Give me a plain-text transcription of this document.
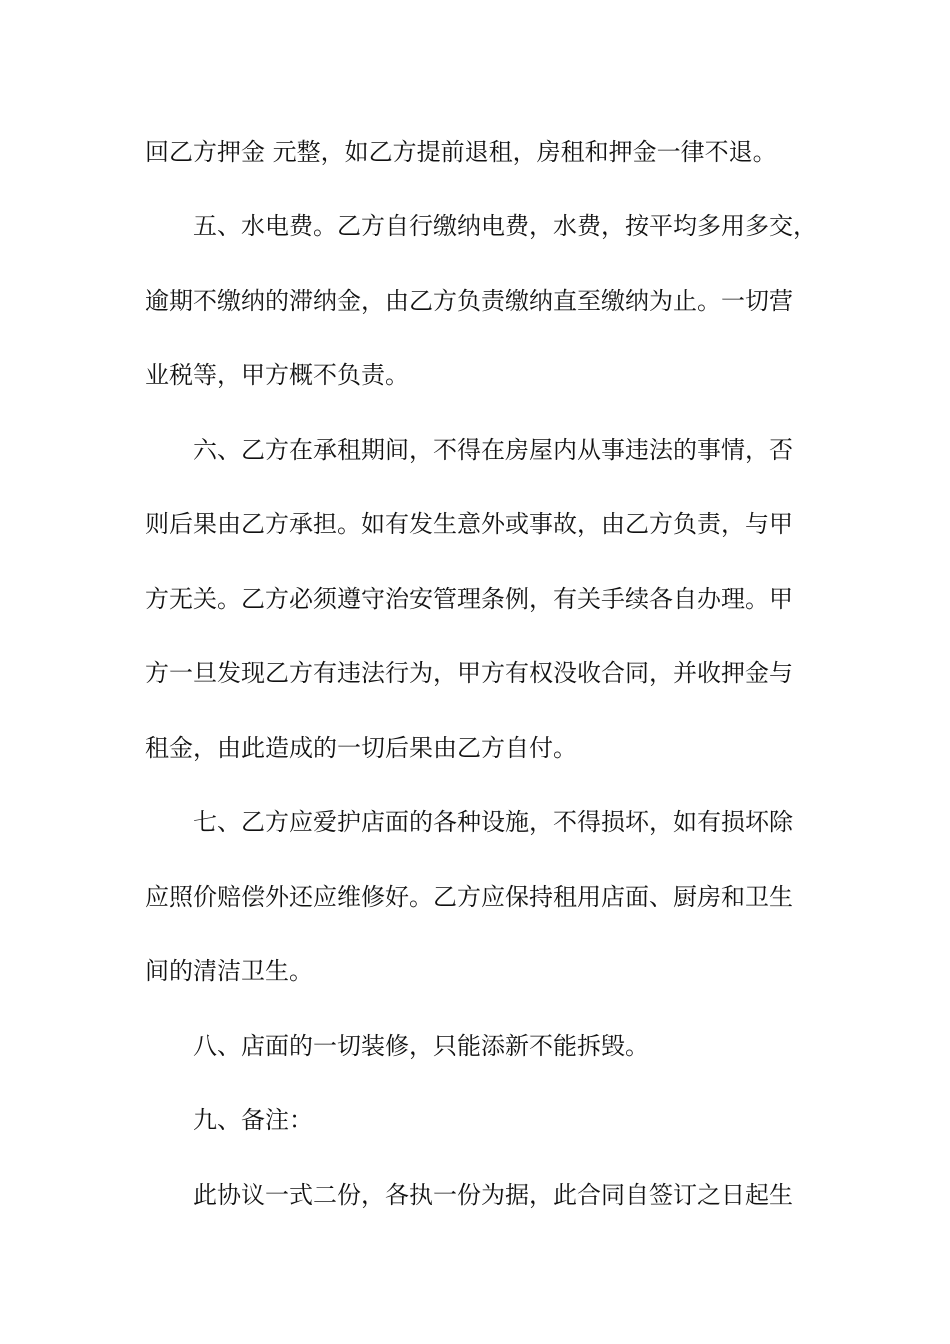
回乙方押金 元整，如乙方提前退租，房租和押金一律不退。
五、水电费。乙方自行缴纳电费，水费，按平均多用多交，
逾期不缴纳的滞纳金，由乙方负责缴纳直至缴纳为止。一切营
业税等，甲方概不负责。
六、乙方在承租期间，不得在房屋内从事违法的事情，否
则后果由乙方承担。如有发生意外或事故，由乙方负责，与甲
方无关。乙方必须遵守治安管理条例，有关手续各自办理。甲
方一旦发现乙方有违法行为，甲方有权没收合同，并收押金与
租金，由此造成的一切后果由乙方自付。
七、乙方应爱护店面的各种设施，不得损坏，如有损坏除
应照价赔偿外还应维修好。乙方应保持租用店面、厨房和卫生
间的清洁卫生。
八、店面的一切装修，只能添新不能拆毁。
九、备注：
此协议一式二份，各执一份为据，此合同自签订之日起生
